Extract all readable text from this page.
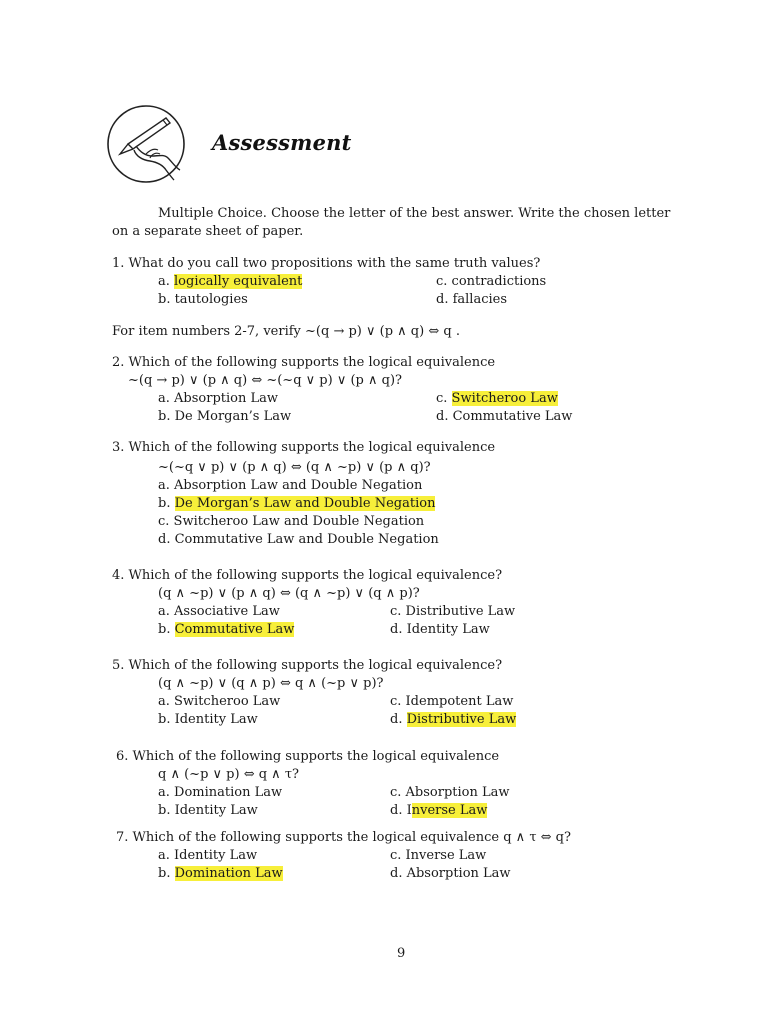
Assessment
Multiple Choice. Choose the letter of the best answer. Write the chosen letter
on a separate sheet of paper.
1. What do you call two propositions with the same truth values?
a. logically equivalent	c. contradictions
b. tautologies	d. fallacies
For item numbers 2-7, verify ~(q → p) ∨ (p ∧ q) ⇔ q .
2. Which of the following supports the logical equivalence
~(q → p) ∨ (p ∧ q) ⇔ ~(~q ∨ p) ∨ (p ∧ q)?
a. Absorption Law	c. Switcheroo Law
b. De Morgan’s Law	d. Commutative Law
3. Which of the following supports the logical equivalence
~(~q ∨ p) ∨ (p ∧ q) ⇔ (q ∧ ~p) ∨ (p ∧ q)?
a. Absorption Law and Double Negation
b. De Morgan’s Law and Double Negation
c. Switcheroo Law and Double Negation
d. Commutative Law and Double Negation
4. Which of the following supports the logical equivalence?
(q ∧ ~p) ∨ (p ∧ q) ⇔ (q ∧ ~p) ∨ (q ∧ p)?
a. Associative Law	c. Distributive Law
b. Commutative Law	d. Identity Law
5. Which of the following supports the logical equivalence?
(q ∧ ~p) ∨ (q ∧ p) ⇔ q ∧ (~p ∨ p)?
a. Switcheroo Law	c. Idempotent Law
b. Identity Law	d. Distributive Law
6. Which of the following supports the logical equivalence
q ∧ (~p ∨ p) ⇔ q ∧ τ?
a. Domination Law	c. Absorption Law
b. Identity Law	d. Inverse Law
7. Which of the following supports the logical equivalence q ∧ τ ⇔ q?
a. Identity Law	c. Inverse Law
b. Domination Law	d. Absorption Law
9
